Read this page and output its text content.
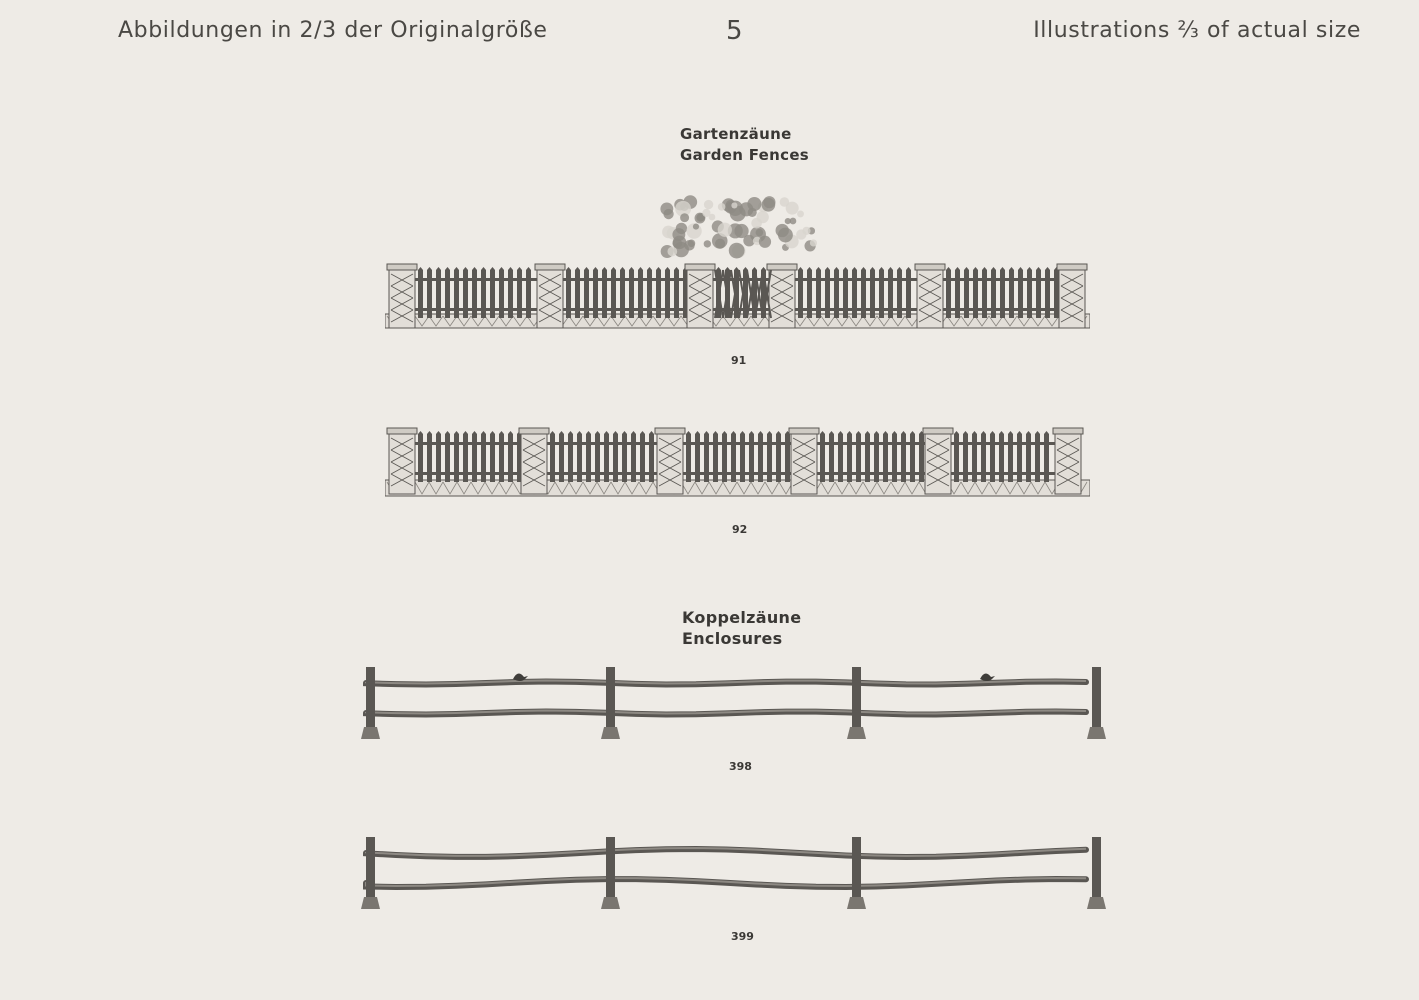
Abbildungen in 2/3 der Originalgröße	5	Illustrations ⅔ of actual size
Gartenzäune
Garden Fences
91
92
Koppelzäune
Enclosures
398
399
